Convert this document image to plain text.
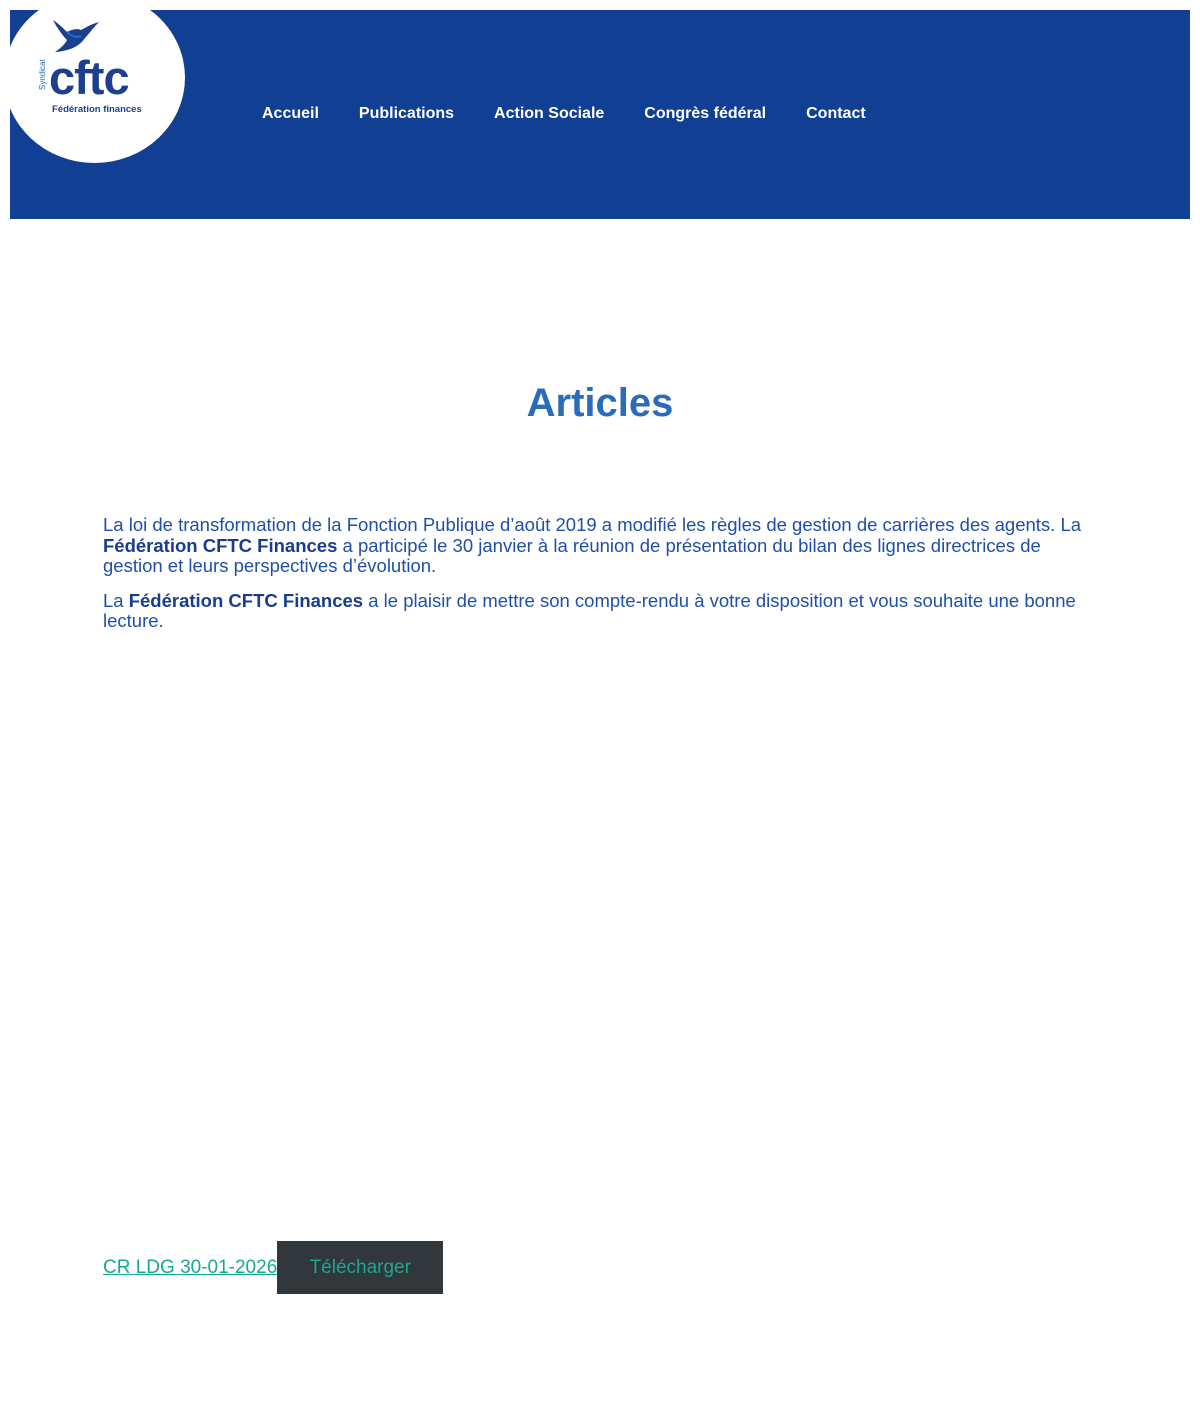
Syndicat cftc
Fédération finances	Accueil	Publications	Action Sociale	Congrès fédéral	Contact
Articles

La loi de transformation de la Fonction Publique d’août 2019 a modifié les règles de gestion de carrières des agents. La Fédération CFTC Finances a participé le 30 janvier à la réunion de présentation du bilan des lignes directrices de gestion et leurs perspectives d’évolution.

La Fédération CFTC Finances a le plaisir de mettre son compte-rendu à votre disposition et vous souhaite une bonne lecture.

CR LDG 30-01-2026	Télécharger
